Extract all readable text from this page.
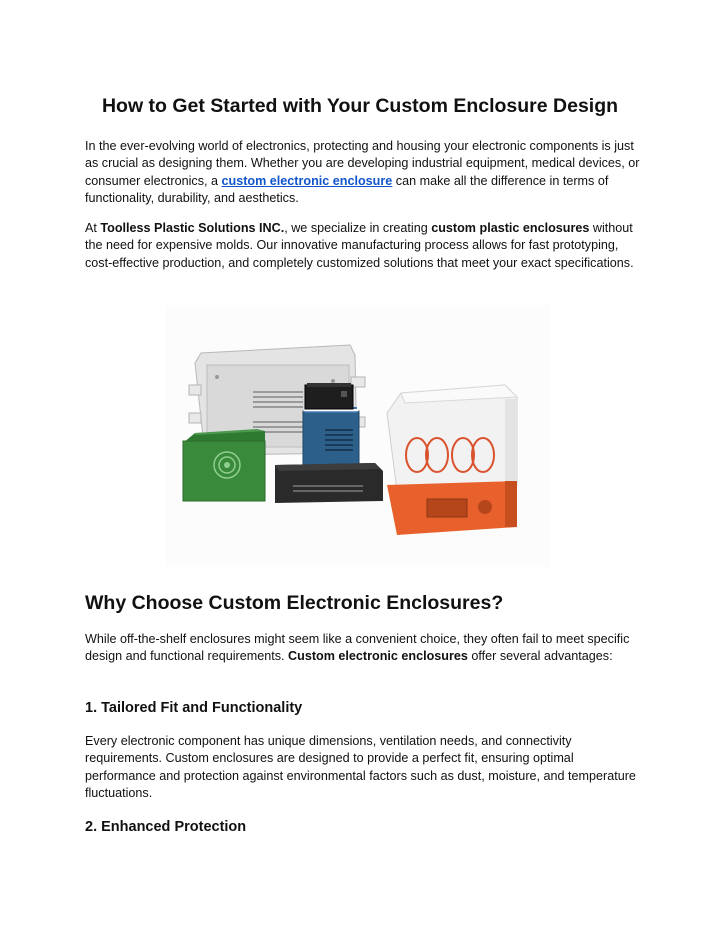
How to Get Started with Your Custom Enclosure Design

In the ever-evolving world of electronics, protecting and housing your electronic components is just as crucial as designing them. Whether you are developing industrial equipment, medical devices, or consumer electronics, a custom electronic enclosure can make all the difference in terms of functionality, durability, and aesthetics.

At Toolless Plastic Solutions INC., we specialize in creating custom plastic enclosures without the need for expensive molds. Our innovative manufacturing process allows for fast prototyping, cost-effective production, and completely customized solutions that meet your exact specifications.

Why Choose Custom Electronic Enclosures?

While off-the-shelf enclosures might seem like a convenient choice, they often fail to meet specific design and functional requirements. Custom electronic enclosures offer several advantages:

1. Tailored Fit and Functionality

Every electronic component has unique dimensions, ventilation needs, and connectivity requirements. Custom enclosures are designed to provide a perfect fit, ensuring optimal performance and protection against environmental factors such as dust, moisture, and temperature fluctuations.

2. Enhanced Protection
